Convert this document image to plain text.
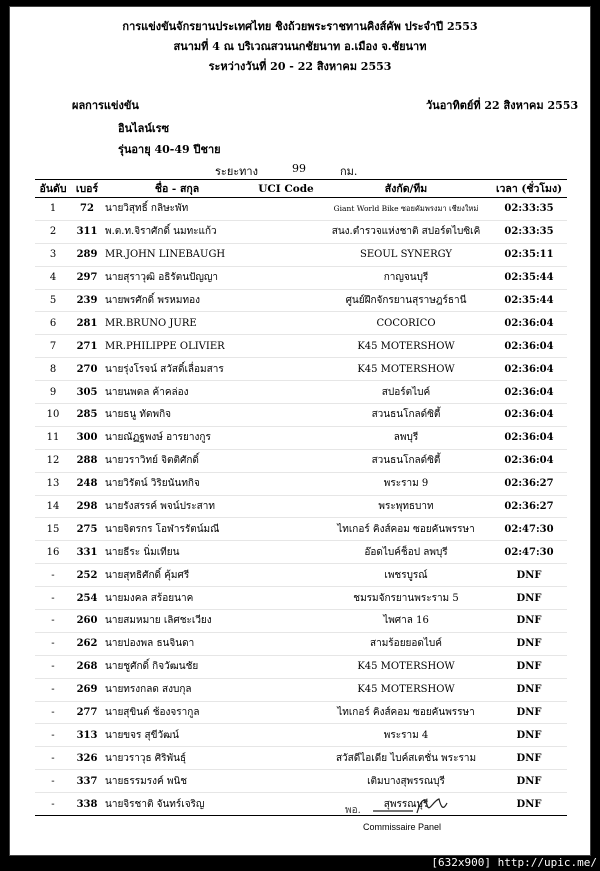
การแข่งขันจักรยานประเทศไทย ชิงถ้วยพระราชทานคิงส์คัพ ประจำปี 2553
สนามที่ 4 ณ บริเวณสวนนกชัยนาท อ.เมือง จ.ชัยนาท
ระหว่างวันที่ 20 - 22 สิงหาคม 2553
ผลการแข่งขัน	วันอาทิตย์ที่ 22 สิงหาคม 2553
อินไลน์เรซ
รุ่นอายุ 40-49 ปีชาย
ระยะทาง	99	กม.
อันดับ	เบอร์	ชื่อ - สกุล	UCI Code	สังกัด/ทีม	เวลา (ชั่วโมง)
1	72	นายวิสุทธิ์ กลิษะพัท		Giant World Bike ซอยคัมพรงมา เชียงใหม่	02:33:35
2	311	พ.ต.ท.จิราศักดิ์ นมทะแก้ว		สนง.ตำรวจแห่งชาติ สปอร์ตไบซิเคิ	02:33:35
3	289	MR.JOHN LINEBAUGH		SEOUL SYNERGY	02:35:11
4	297	นายสุราวุฒิ อธิรัตนปัญญา		กาญจนบุรี	02:35:44
5	239	นายพรศักดิ์ พรหมทอง		ศูนย์ฝึกจักรยานสุราษฎร์ธานี	02:35:44
6	281	MR.BRUNO JURE		COCORICO	02:36:04
7	271	MR.PHILIPPE OLIVIER		K45 MOTERSHOW	02:36:04
8	270	นายรุ่งโรจน์ สวัสดิ์เลื่อมสาร		K45 MOTERSHOW	02:36:04
9	305	นายนพดล ค้าคล่อง		สปอร์ตไบค์	02:36:04
10	285	นายธนู ทัดพกิจ		สวนธนโกลด์ซิตี้	02:36:04
11	300	นายณัฏฐพงษ์ อารยางกูร		ลพบุรี	02:36:04
12	288	นายวราวิทย์ จิตติศักดิ์		สวนธนโกลด์ซิตี้	02:36:04
13	248	นายวิรัตน์ วิริยนันทกิจ		พระราม 9	02:36:27
14	298	นายรังสรรค์ พจน์ประสาท		พระพุทธบาท	02:36:27
15	275	นายจิตรกร โอฬารรัตน์มณี		ไทเกอร์ คิงส์คอม ซอยคันพรรษา	02:47:30
16	331	นายธีระ นิ่มเทียน		อ๊อดไบค์ช็อป ลพบุรี	02:47:30
-	252	นายสุทธิศักดิ์ คุ้มศรี		เพชรบูรณ์	DNF
-	254	นายมงคล สร้อยนาค		ชมรมจักรยานพระราม 5	DNF
-	260	นายสมหมาย เลิศชะเวียง		ไพศาล 16	DNF
-	262	นายปองพล ธนจินดา		สามร้อยยอดไบค์	DNF
-	268	นายชูศักดิ์ กิจวัฒนชัย		K45 MOTERSHOW	DNF
-	269	นายทรงกลด สงบกุล		K45 MOTERSHOW	DNF
-	277	นายสุขินต์ ช้องจรากูล		ไทเกอร์ คิงส์คอม ซอยคันพรรษา	DNF
-	313	นายขจร สุขีวัฒน์		พระราม 4	DNF
-	326	นายวราวุธ ศิริพันธุ์		สวัสดีไอเดีย ไบค์สเตชั่น พระราม	DNF
-	337	นายธรรมรงค์ พนิช		เติมบางสุพรรณบุรี	DNF
-	338	นายจิรชาติ จันทร์เจริญ		สุพรรณบุรี	DNF
พอ.
Commissaire Panel
[632x900] http://upic.me/
